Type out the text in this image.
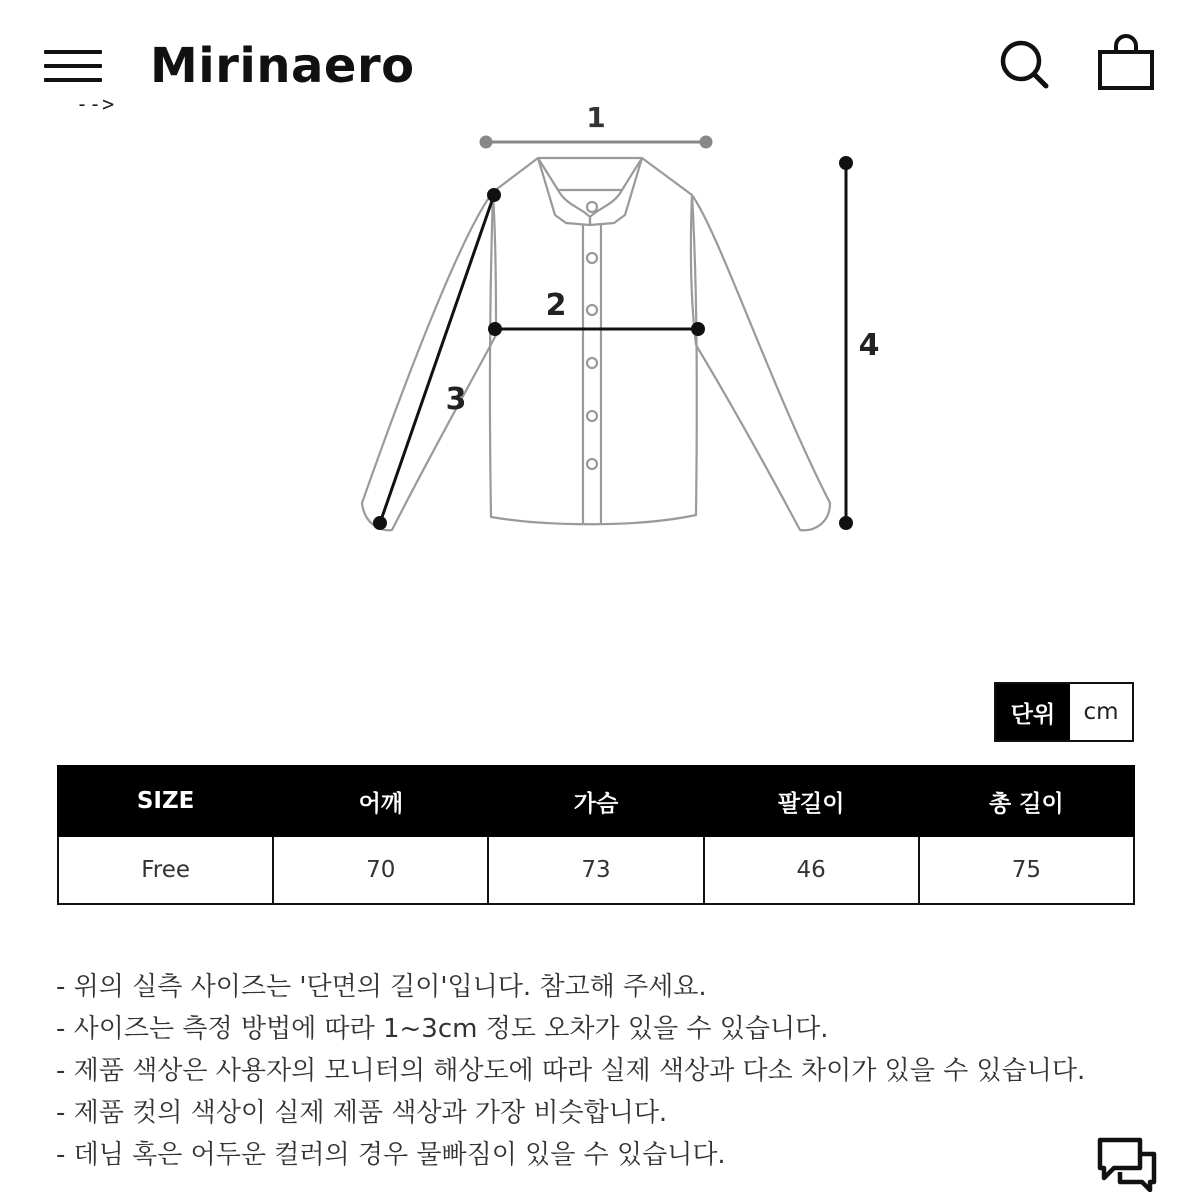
-->
Mirinaero
1
2
3
4
단위	cm
SIZE	어깨	가슴	팔길이	총 길이
Free	70	73	46	75
- 위의 실측 사이즈는 '단면의 길이'입니다. 참고해 주세요.
- 사이즈는 측정 방법에 따라 1~3cm 정도 오차가 있을 수 있습니다.
- 제품 색상은 사용자의 모니터의 해상도에 따라 실제 색상과 다소 차이가 있을 수 있습니다.
- 제품 컷의 색상이 실제 제품 색상과 가장 비슷합니다.
- 데님 혹은 어두운 컬러의 경우 물빠짐이 있을 수 있습니다.
